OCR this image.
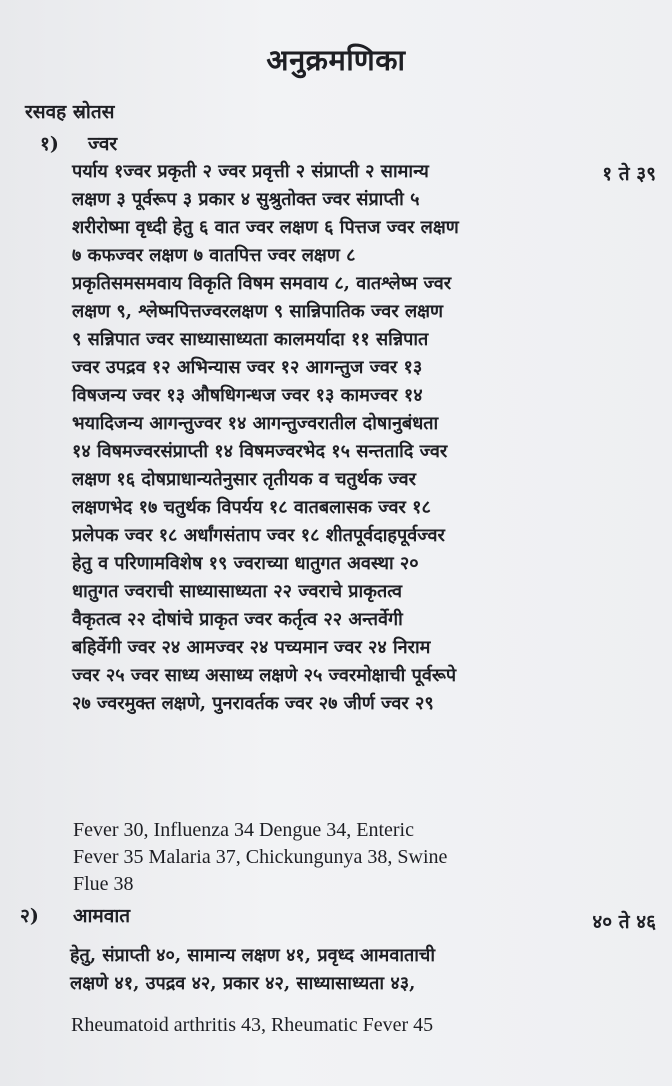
अनुक्रमणिका
रसवह स्रोतस
१) ज्वर
१ ते ३९
पर्याय १ज्वर प्रकृती २ ज्वर प्रवृत्ती २ संप्राप्ती २ सामान्य
लक्षण ३ पूर्वरूप ३ प्रकार ४ सुश्रुतोक्त ज्वर संप्राप्ती ५
शरीरोष्मा वृध्दी हेतु ६ वात ज्वर लक्षण ६ पित्तज ज्वर लक्षण
७ कफज्वर लक्षण ७ वातपित्त ज्वर लक्षण ८
प्रकृतिसमसमवाय विकृति विषम समवाय ८, वातश्लेष्म ज्वर
लक्षण ९, श्लेष्मपित्तज्वरलक्षण ९ सान्निपातिक ज्वर लक्षण
९ सन्निपात ज्वर साध्यासाध्यता कालमर्यादा ११ सन्निपात
ज्वर उपद्रव १२ अभिन्यास ज्वर १२ आगन्तुज ज्वर १३
विषजन्य ज्वर १३ औषधिगन्धज ज्वर १३ कामज्वर १४
भयादिजन्य आगन्तुज्वर १४ आगन्तुज्वरातील दोषानुबंधता
१४ विषमज्वरसंप्राप्ती १४ विषमज्वरभेद १५ सन्ततादि ज्वर
लक्षण १६ दोषप्राधान्यतेनुसार तृतीयक व चतुर्थक ज्वर
लक्षणभेद १७ चतुर्थक विपर्यय १८ वातबलासक ज्वर १८
प्रलेपक ज्वर १८ अर्धांगसंताप ज्वर १८ शीतपूर्वदाहपूर्वज्वर
हेतु व परिणामविशेष १९ ज्वराच्या धातुगत अवस्था २०
धातुगत ज्वराची साध्यासाध्यता २२ ज्वराचे प्राकृतत्व
वैकृतत्व २२ दोषांचे प्राकृत ज्वर कर्तृत्व २२ अन्तर्वेगी
बहिर्वेगी ज्वर २४ आमज्वर २४ पच्यमान ज्वर २४ निराम
ज्वर २५ ज्वर साध्य असाध्य लक्षणे २५ ज्वरमोक्षाची पूर्वरूपे
२७ ज्वरमुक्त लक्षणे, पुनरावर्तक ज्वर २७ जीर्ण ज्वर २९
Fever 30, Influenza 34 Dengue 34, Enteric
Fever 35 Malaria 37, Chickungunya 38, Swine
Flue 38
२) आमवात	४० ते ४६
हेतु, संप्राप्ती ४०, सामान्य लक्षण ४१, प्रवृध्द आमवाताची
लक्षणे ४१, उपद्रव ४२, प्रकार ४२, साध्यासाध्यता ४३,
Rheumatoid arthritis 43, Rheumatic Fever 45
